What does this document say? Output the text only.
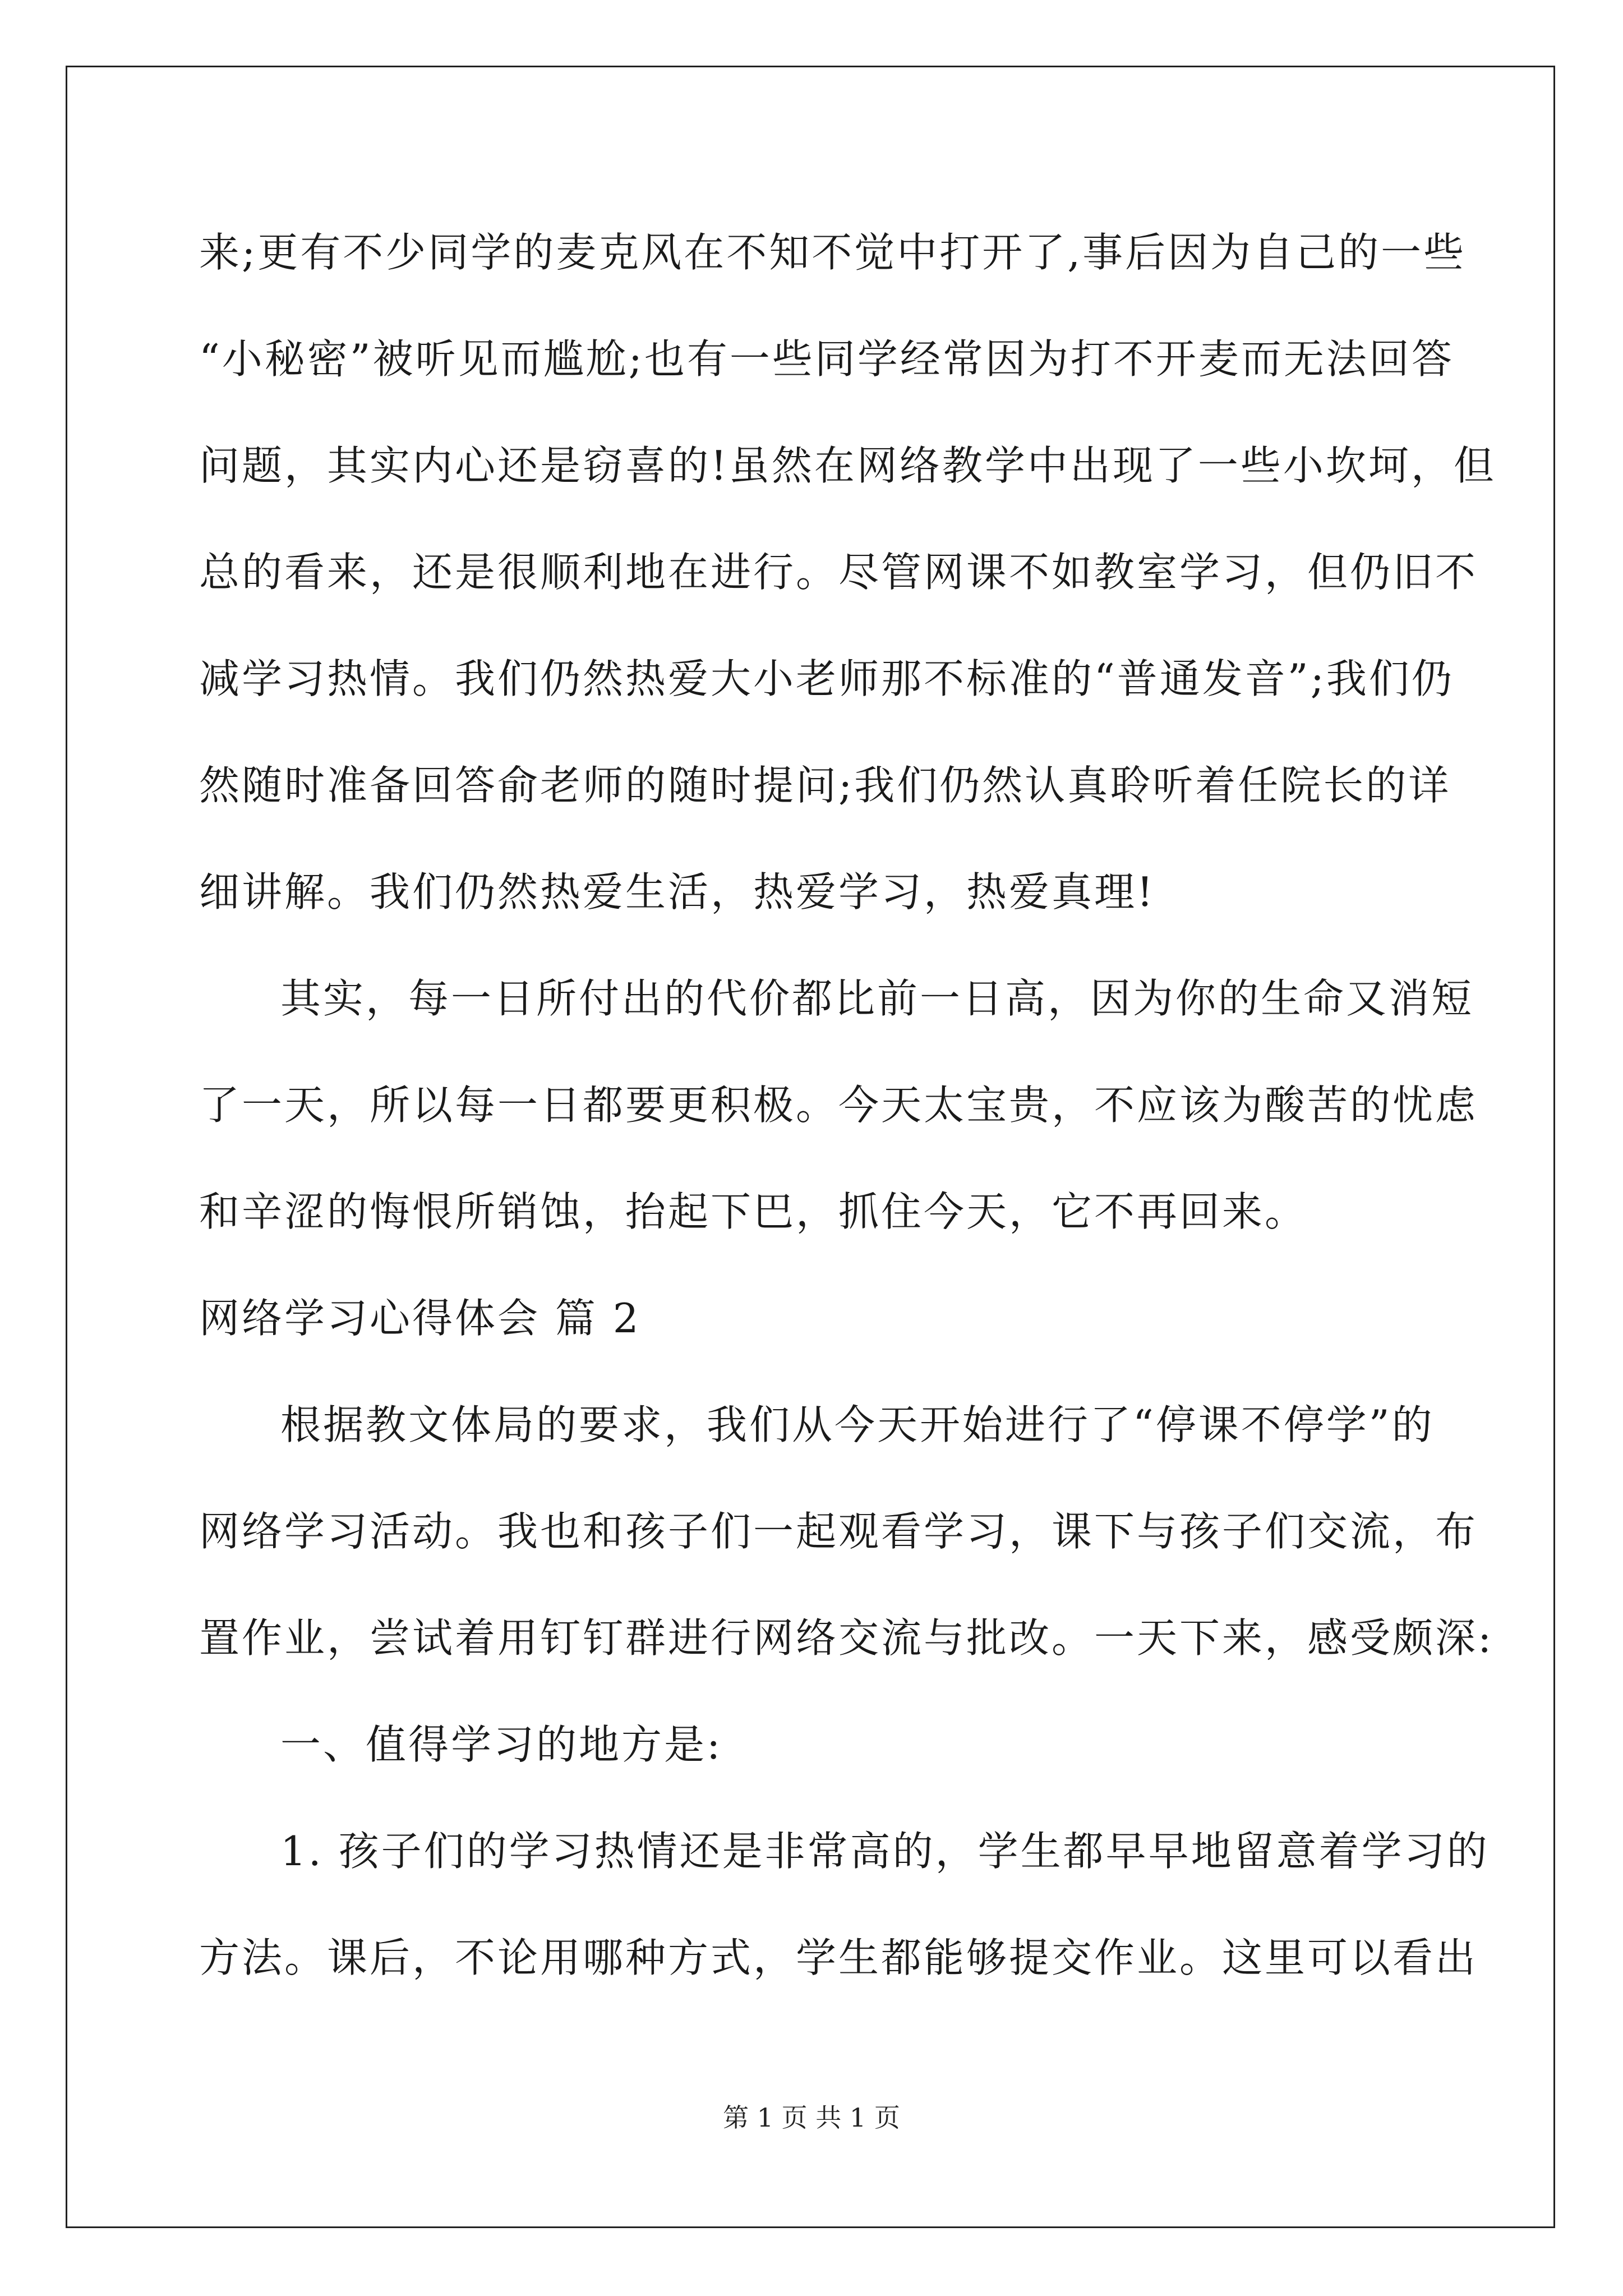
来;更有不少同学的麦克风在不知不觉中打开了,事后因为自己的一些
“小秘密”被听见而尴尬;也有一些同学经常因为打不开麦而无法回答
问题，其实内心还是窃喜的!虽然在网络教学中出现了一些小坎坷，但
总的看来，还是很顺利地在进行。尽管网课不如教室学习，但仍旧不
减学习热情。我们仍然热爱大小老师那不标准的“普通发音”;我们仍
然随时准备回答俞老师的随时提问;我们仍然认真聆听着任院长的详
细讲解。我们仍然热爱生活，热爱学习，热爱真理!
其实，每一日所付出的代价都比前一日高，因为你的生命又消短
了一天，所以每一日都要更积极。今天太宝贵，不应该为酸苦的忧虑
和辛涩的悔恨所销蚀，抬起下巴，抓住今天，它不再回来。
网络学习心得体会 篇 2
根据教文体局的要求，我们从今天开始进行了“停课不停学”的
网络学习活动。我也和孩子们一起观看学习，课下与孩子们交流，布
置作业，尝试着用钉钉群进行网络交流与批改。一天下来，感受颇深:
一、值得学习的地方是:
1. 孩子们的学习热情还是非常高的，学生都早早地留意着学习的
方法。课后，不论用哪种方式，学生都能够提交作业。这里可以看出
第 1 页 共 1 页
